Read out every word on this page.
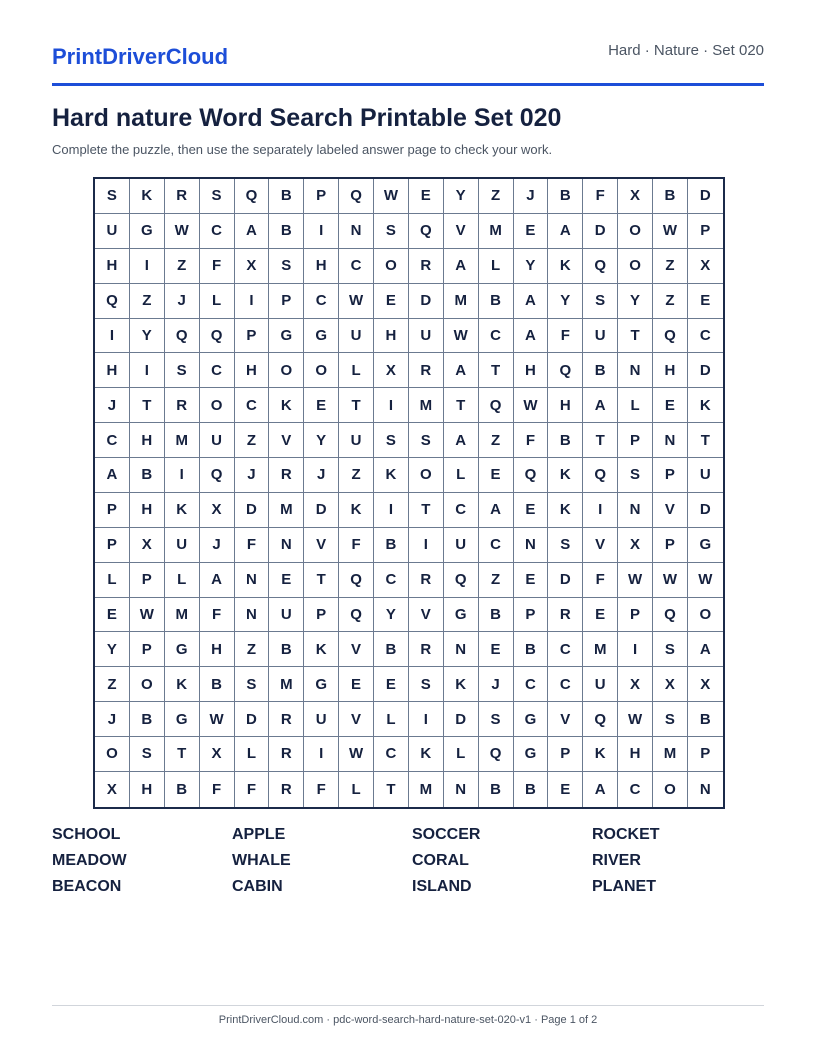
PrintDriverCloud	Hard · Nature · Set 020
Hard nature Word Search Printable Set 020

Complete the puzzle, then use the separately labeled answer page to check your work.

S	K	R	S	Q	B	P	Q	W	E	Y	Z	J	B	F	X	B	D
U	G	W	C	A	B	I	N	S	Q	V	M	E	A	D	O	W	P
H	I	Z	F	X	S	H	C	O	R	A	L	Y	K	Q	O	Z	X
Q	Z	J	L	I	P	C	W	E	D	M	B	A	Y	S	Y	Z	E
I	Y	Q	Q	P	G	G	U	H	U	W	C	A	F	U	T	Q	C
H	I	S	C	H	O	O	L	X	R	A	T	H	Q	B	N	H	D
J	T	R	O	C	K	E	T	I	M	T	Q	W	H	A	L	E	K
C	H	M	U	Z	V	Y	U	S	S	A	Z	F	B	T	P	N	T
A	B	I	Q	J	R	J	Z	K	O	L	E	Q	K	Q	S	P	U
P	H	K	X	D	M	D	K	I	T	C	A	E	K	I	N	V	D
P	X	U	J	F	N	V	F	B	I	U	C	N	S	V	X	P	G
L	P	L	A	N	E	T	Q	C	R	Q	Z	E	D	F	W	W	W
E	W	M	F	N	U	P	Q	Y	V	G	B	P	R	E	P	Q	O
Y	P	G	H	Z	B	K	V	B	R	N	E	B	C	M	I	S	A
Z	O	K	B	S	M	G	E	E	S	K	J	C	C	U	X	X	X
J	B	G	W	D	R	U	V	L	I	D	S	G	V	Q	W	S	B
O	S	T	X	L	R	I	W	C	K	L	Q	G	P	K	H	M	P
X	H	B	F	F	R	F	L	T	M	N	B	B	E	A	C	O	N
SCHOOL	APPLE	SOCCER	ROCKET
MEADOW	WHALE	CORAL	RIVER
BEACON	CABIN	ISLAND	PLANET
PrintDriverCloud.com · pdc-word-search-hard-nature-set-020-v1 · Page 1 of 2
